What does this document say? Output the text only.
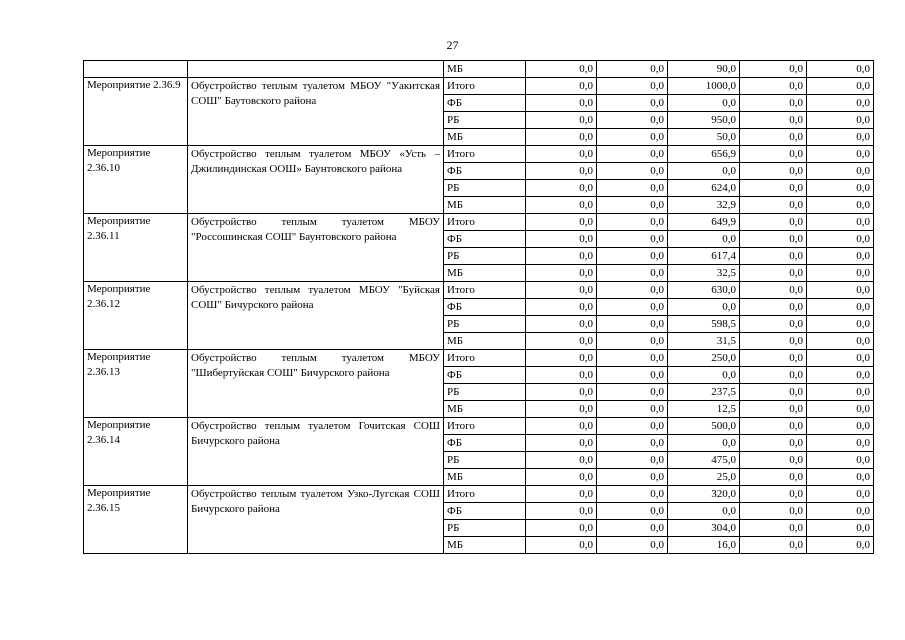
27
		МБ	0,0	0,0	90,0	0,0	0,0
Мероприятие 2.36.9	Обустройство теплым туалетом МБОУ "Уакитская СОШ" Баутовского района	Итого	0,0	0,0	1000,0	0,0	0,0
		ФБ	0,0	0,0	0,0	0,0	0,0
		РБ	0,0	0,0	950,0	0,0	0,0
		МБ	0,0	0,0	50,0	0,0	0,0
Мероприятие 2.36.10	Обустройство теплым туалетом МБОУ «Усть – Джилиндинская ООШ» Баунтовского района	Итого	0,0	0,0	656,9	0,0	0,0
		ФБ	0,0	0,0	0,0	0,0	0,0
		РБ	0,0	0,0	624,0	0,0	0,0
		МБ	0,0	0,0	32,9	0,0	0,0
Мероприятие 2.36.11	Обустройство теплым туалетом МБОУ "Россошинская СОШ" Баунтовского района	Итого	0,0	0,0	649,9	0,0	0,0
		ФБ	0,0	0,0	0,0	0,0	0,0
		РБ	0,0	0,0	617,4	0,0	0,0
		МБ	0,0	0,0	32,5	0,0	0,0
Мероприятие 2.36.12	Обустройство теплым туалетом МБОУ "Буйская СОШ" Бичурского района	Итого	0,0	0,0	630,0	0,0	0,0
		ФБ	0,0	0,0	0,0	0,0	0,0
		РБ	0,0	0,0	598,5	0,0	0,0
		МБ	0,0	0,0	31,5	0,0	0,0
Мероприятие 2.36.13	Обустройство теплым туалетом МБОУ "Шибертуйская СОШ" Бичурского района	Итого	0,0	0,0	250,0	0,0	0,0
		ФБ	0,0	0,0	0,0	0,0	0,0
		РБ	0,0	0,0	237,5	0,0	0,0
		МБ	0,0	0,0	12,5	0,0	0,0
Мероприятие 2.36.14	Обустройство теплым туалетом Гочитская СОШ Бичурского района	Итого	0,0	0,0	500,0	0,0	0,0
		ФБ	0,0	0,0	0,0	0,0	0,0
		РБ	0,0	0,0	475,0	0,0	0,0
		МБ	0,0	0,0	25,0	0,0	0,0
Мероприятие 2.36.15	Обустройство теплым туалетом Узко-Лугская СОШ Бичурского района	Итого	0,0	0,0	320,0	0,0	0,0
		ФБ	0,0	0,0	0,0	0,0	0,0
		РБ	0,0	0,0	304,0	0,0	0,0
		МБ	0,0	0,0	16,0	0,0	0,0
